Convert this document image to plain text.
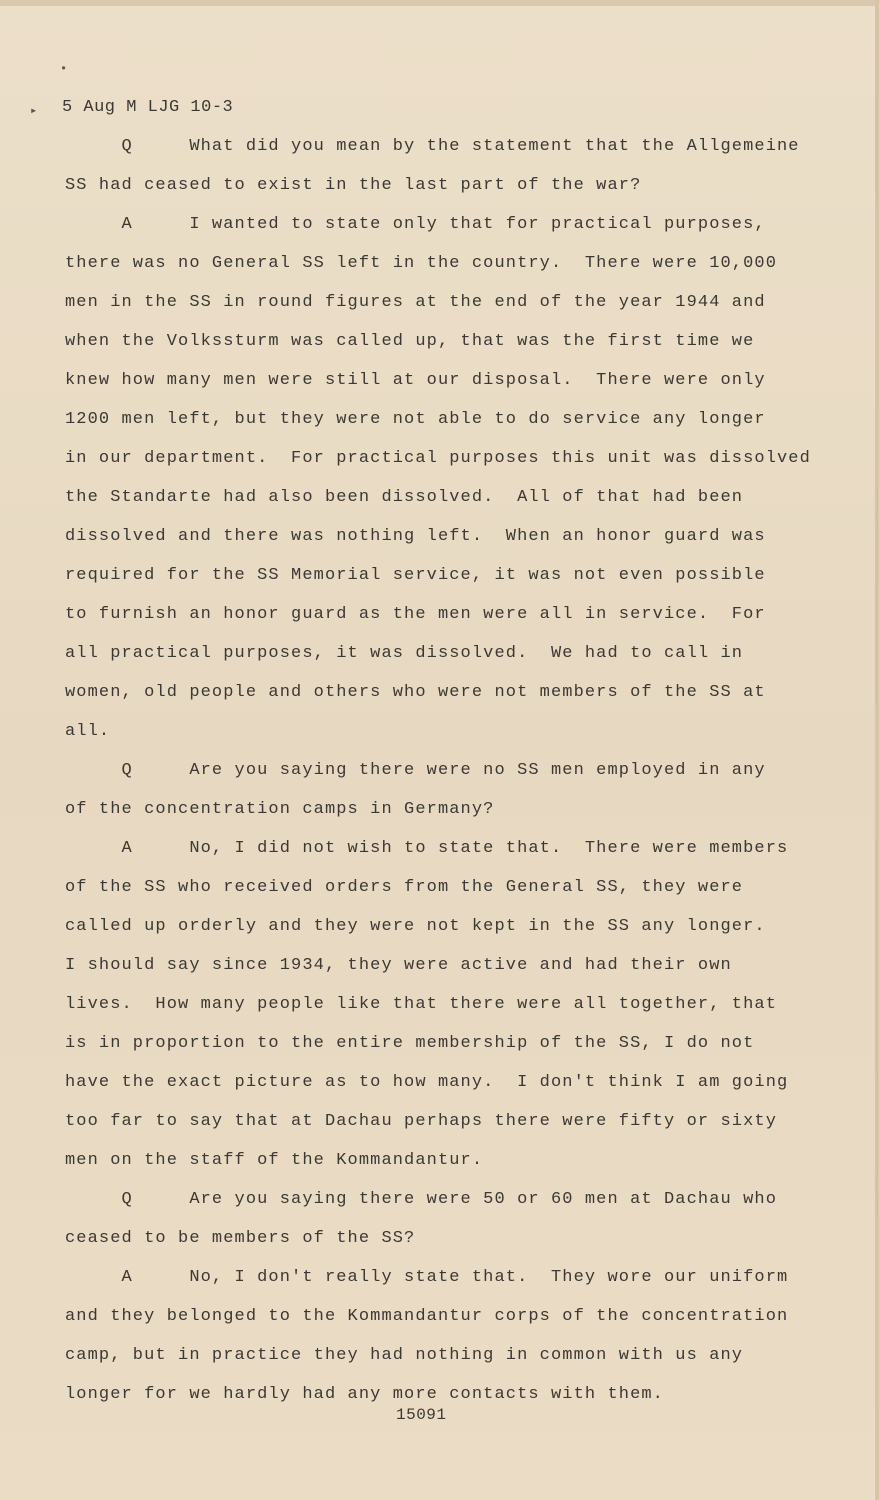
•
▸ 5 Aug M LJG 10-3
Q     What did you mean by the statement that the Allgemeine
SS had ceased to exist in the last part of the war?
A     I wanted to state only that for practical purposes,
there was no General SS left in the country.  There were 10,000
men in the SS in round figures at the end of the year 1944 and
when the Volkssturm was called up, that was the first time we
knew how many men were still at our disposal.  There were only
1200 men left, but they were not able to do service any longer
in our department.  For practical purposes this unit was dissolved
the Standarte had also been dissolved.  All of that had been
dissolved and there was nothing left.  When an honor guard was
required for the SS Memorial service, it was not even possible
to furnish an honor guard as the men were all in service.  For
all practical purposes, it was dissolved.  We had to call in
women, old people and others who were not members of the SS at
all.
Q     Are you saying there were no SS men employed in any
of the concentration camps in Germany?
A     No, I did not wish to state that.  There were members
of the SS who received orders from the General SS, they were
called up orderly and they were not kept in the SS any longer.
I should say since 1934, they were active and had their own
lives.  How many people like that there were all together, that
is in proportion to the entire membership of the SS, I do not
have the exact picture as to how many.  I don't think I am going
too far to say that at Dachau perhaps there were fifty or sixty
men on the staff of the Kommandantur.
Q     Are you saying there were 50 or 60 men at Dachau who
ceased to be members of the SS?
A     No, I don't really state that.  They wore our uniform
and they belonged to the Kommandantur corps of the concentration
camp, but in practice they had nothing in common with us any
longer for we hardly had any more contacts with them.
15091
